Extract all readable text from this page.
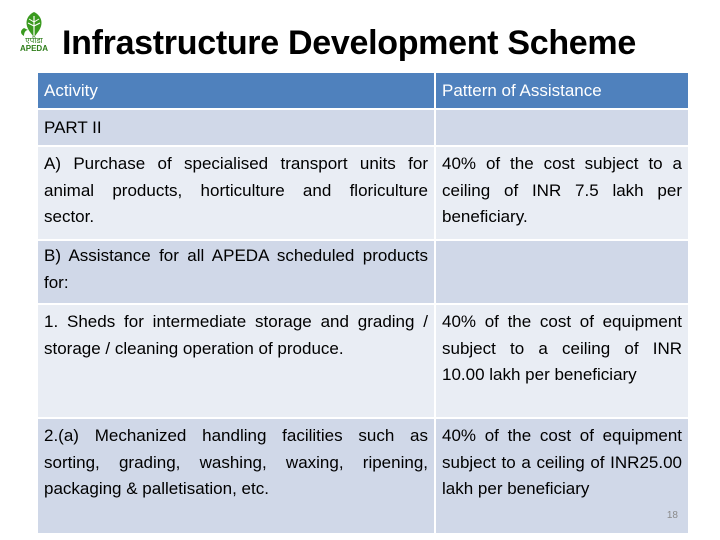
एपीडा
APEDA Infrastructure Development Scheme
Activity	Pattern of Assistance
PART II	
A) Purchase of specialised transport units for animal products, horticulture and floriculture sector.	40% of the cost subject to a ceiling of INR 7.5 lakh per beneficiary.
B) Assistance for all APEDA scheduled products for:	
1. Sheds for intermediate storage and grading / storage / cleaning operation of produce.	40% of the cost of equipment subject to a ceiling of INR 10.00 lakh per beneficiary
2.(a) Mechanized handling facilities such as sorting, grading, washing, waxing, ripening, packaging & palletisation, etc.	40% of the cost of equipment subject to a ceiling of INR25.00 lakh per beneficiary
18
